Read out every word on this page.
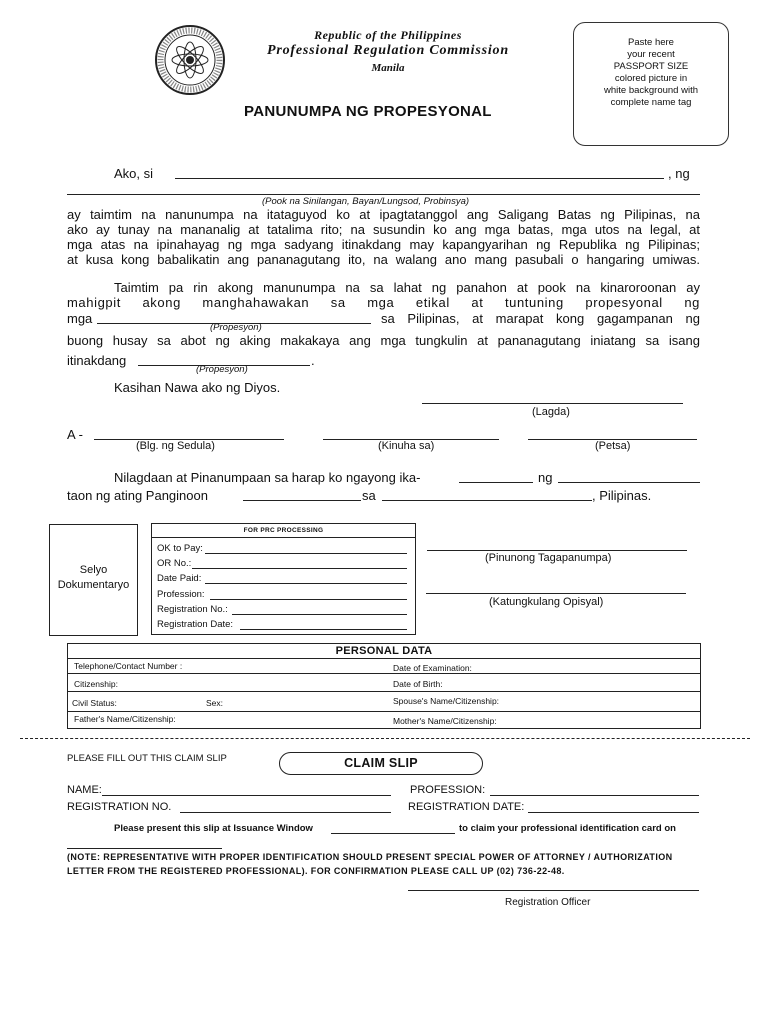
Republic of the Philippines
Professional Regulation Commission
Manila
Paste here
your recent
PASSPORT SIZE
colored picture in
white background with
complete name tag
PANUNUMPA NG PROPESYONAL
Ako, si	, ng
(Pook na Sinilangan, Bayan/Lungsod, Probinsya)
ay taimtim na nanunumpa na itataguyod ko at ipagtatanggol ang Saligang Batas ng Pilipinas, na
ako ay tunay na mananalig at tatalima rito; na susundin ko ang mga batas, mga utos na legal, at
mga atas na ipinahayag ng mga sadyang itinakdang may kapangyarihan ng Republika ng Pilipinas;
at kusa kong babalikatin ang pananagutang ito, na walang ano mang pasubali o hangaring umiwas.
Taimtim pa rin akong manunumpa na sa lahat ng panahon at pook na kinaroroonan ay
mahigpit akong manghahawakan sa mga etikal at tuntuning propesyonal ng
mga	sa Pilipinas, at marapat kong gagampanan ng
(Propesyon)
buong husay sa abot ng aking makakaya ang mga tungkulin at pananagutang iniatang sa isang
itinakdang	.
(Propesyon)
Kasihan Nawa ako ng Diyos.
(Lagda)
A -
(Blg. ng Sedula)	(Kinuha sa)	(Petsa)
Nilagdaan at Pinanumpaan sa harap ko ngayong ika-	ng
taon ng ating Panginoon	sa	, Pilipinas.
Selyo
Dokumentaryo
FOR PRC PROCESSING
OK to Pay:
OR No.:
Date Paid:
Profession:
Registration No.:
Registration Date:
(Pinunong Tagapanumpa)
(Katungkulang Opisyal)
PERSONAL DATA
Telephone/Contact Number :	Date of Examination:
Citizenship:	Date of Birth:
Civil Status:	Sex:	Spouse's Name/Citizenship:
Father's Name/Citizenship:	Mother's Name/Citizenship:
PLEASE FILL OUT THIS CLAIM SLIP	CLAIM SLIP
NAME:	PROFESSION:
REGISTRATION NO.	REGISTRATION DATE:
Please present this slip at Issuance Window	to claim your professional identification card on
(NOTE: REPRESENTATIVE WITH PROPER IDENTIFICATION SHOULD PRESENT SPECIAL POWER OF ATTORNEY / AUTHORIZATION
LETTER FROM THE REGISTERED PROFESSIONAL). FOR CONFIRMATION PLEASE CALL UP (02) 736-22-48.
Registration Officer
